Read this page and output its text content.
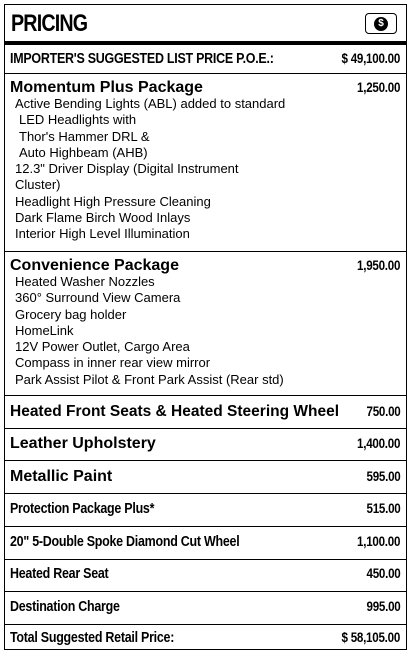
PRICING	$
IMPORTER'S SUGGESTED LIST PRICE P.O.E.:	$ 49,100.00
Momentum Plus Package	1,250.00
Active Bending Lights (ABL) added to standard
LED Headlights with
Thor's Hammer DRL &
Auto Highbeam (AHB)
12.3" Driver Display (Digital Instrument
Cluster)
Headlight High Pressure Cleaning
Dark Flame Birch Wood Inlays
Interior High Level Illumination
Convenience Package	1,950.00
Heated Washer Nozzles
360° Surround View Camera
Grocery bag holder
HomeLink
12V Power Outlet, Cargo Area
Compass in inner rear view mirror
Park Assist Pilot & Front Park Assist (Rear std)
Heated Front Seats & Heated Steering Wheel 750.00
Leather Upholstery	1,400.00
Metallic Paint	595.00
Protection Package Plus*	515.00
20" 5-Double Spoke Diamond Cut Wheel	1,100.00
Heated Rear Seat	450.00
Destination Charge	995.00
Total Suggested Retail Price:	$ 58,105.00
